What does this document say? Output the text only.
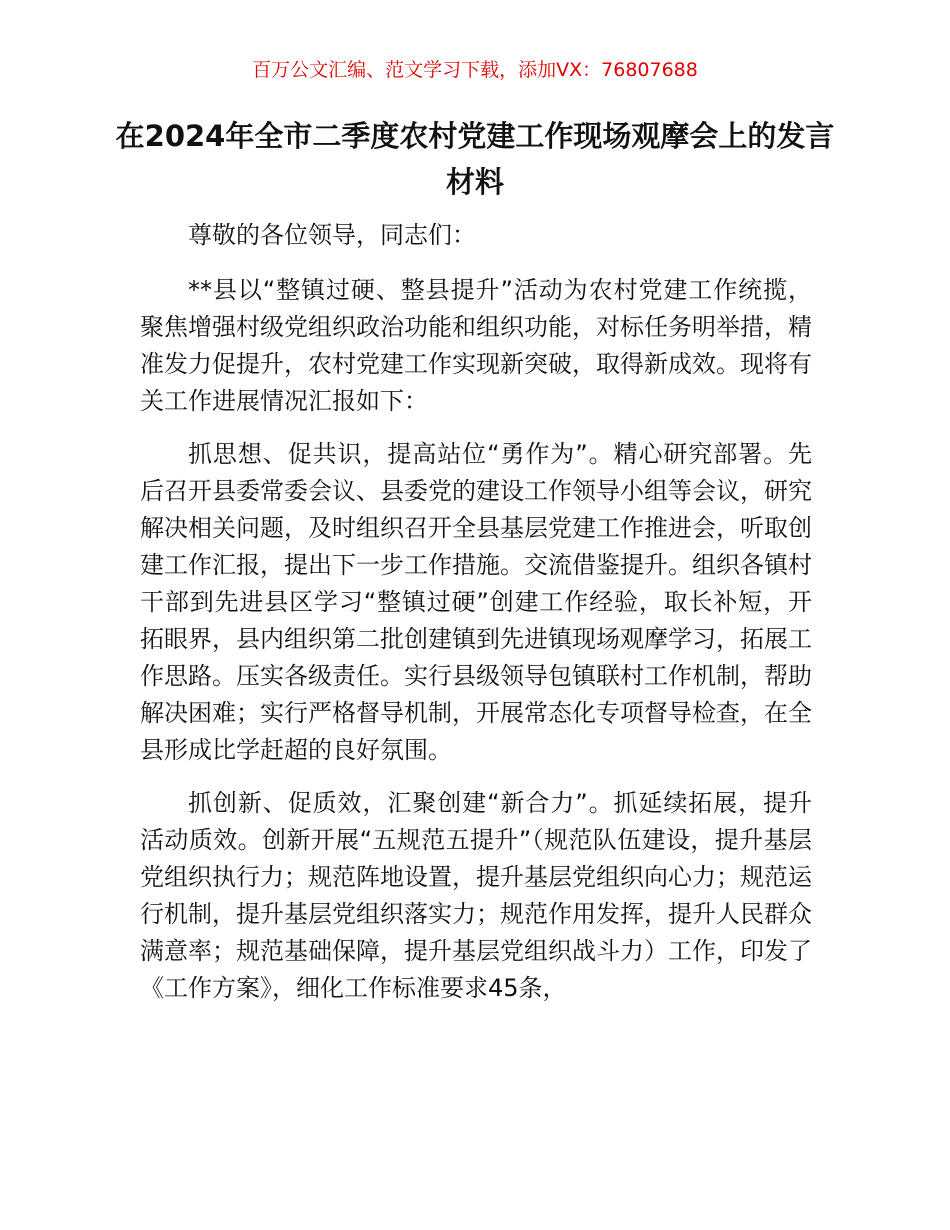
百万公文汇编、范文学习下载，添加VX：76807688
在2024年全市二季度农村党建工作现场观摩会上的发言材料

尊敬的各位领导，同志们：

**县以“整镇过硬、整县提升”活动为农村党建工作统揽，聚焦增强村级党组织政治功能和组织功能，对标任务明举措，精准发力促提升，农村党建工作实现新突破，取得新成效。现将有关工作进展情况汇报如下：

抓思想、促共识，提高站位“勇作为”。精心研究部署。先后召开县委常委会议、县委党的建设工作领导小组等会议，研究解决相关问题，及时组织召开全县基层党建工作推进会，听取创建工作汇报，提出下一步工作措施。交流借鉴提升。组织各镇村干部到先进县区学习“整镇过硬”创建工作经验，取长补短，开拓眼界，县内组织第二批创建镇到先进镇现场观摩学习，拓展工作思路。压实各级责任。实行县级领导包镇联村工作机制，帮助解决困难；实行严格督导机制，开展常态化专项督导检查，在全县形成比学赶超的良好氛围。

抓创新、促质效，汇聚创建“新合力”。抓延续拓展，提升活动质效。创新开展“五规范五提升”（规范队伍建设，提升基层党组织执行力；规范阵地设置，提升基层党组织向心力；规范运行机制，提升基层党组织落实力；规范作用发挥，提升人民群众满意率；规范基础保障，提升基层党组织战斗力）工作，印发了《工作方案》，细化工作标准要求45条，
